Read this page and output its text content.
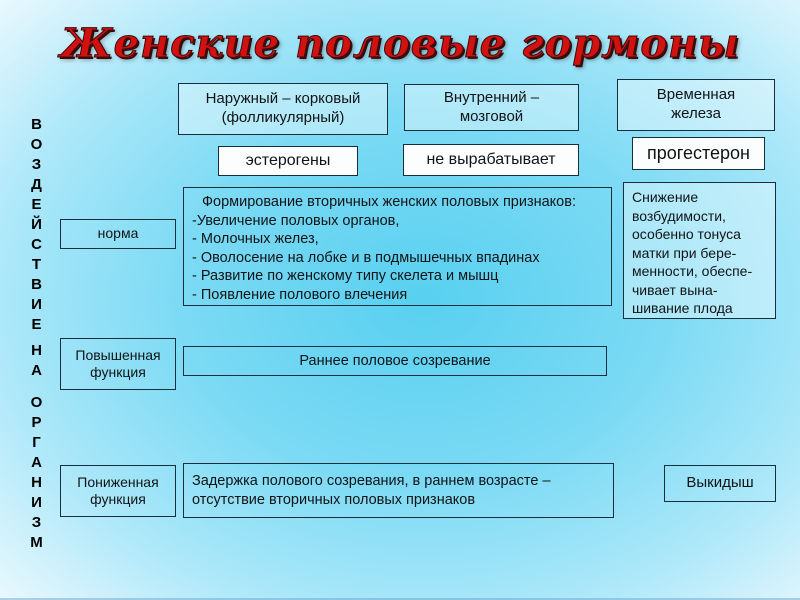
Женские половые гормоны
ВОЗДЕЙСТВИЕ
НА
ОРГАНИЗМ
Наружный – корковый (фолликулярный)
Внутренний – мозговой
Временная железа
эстерогены	не вырабатывает	прогестерон
норма
Формирование вторичных женских половых признаков:
-Увеличение половых органов,
- Молочных желез,
- Оволосение на лобке и в подмышечных впадинах
- Развитие по женскому типу скелета и мышц
- Появление полового влечения
Снижение
возбудимости,
особенно тонуса
матки при бере-
менности, обеспе-
чивает вына-
шивание плода
Повышенная функция
Раннее половое созревание
Пониженная функция
Задержка полового созревания, в раннем возрасте –
отсутствие вторичных половых признаков
Выкидыш
